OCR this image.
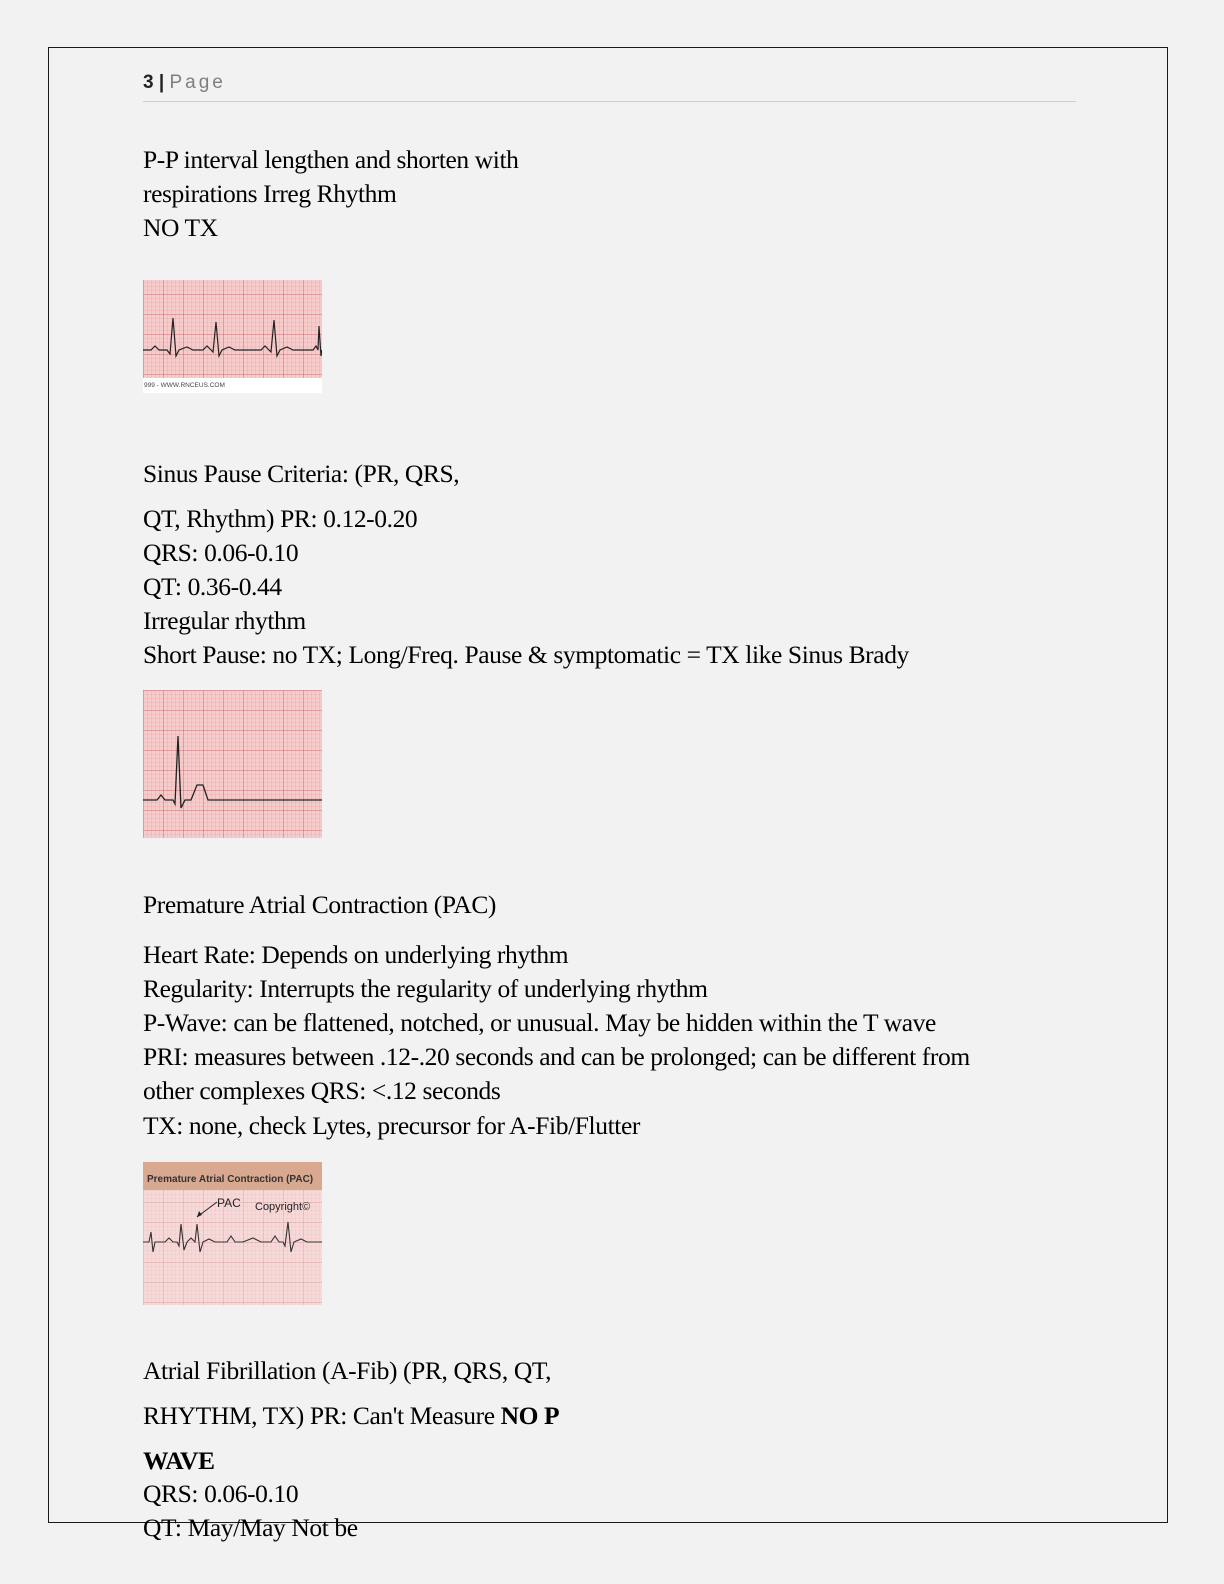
3 | Page
P-P interval lengthen and shorten with
respirations Irreg Rhythm
NO TX
999 - WWW.RNCEUS.COM
Sinus Pause Criteria: (PR, QRS,
QT, Rhythm) PR: 0.12-0.20
QRS: 0.06-0.10
QT: 0.36-0.44
Irregular rhythm
Short Pause: no TX; Long/Freq. Pause & symptomatic = TX like Sinus Brady
Premature Atrial Contraction (PAC)
Heart Rate: Depends on underlying rhythm
Regularity: Interrupts the regularity of underlying rhythm
P-Wave: can be flattened, notched, or unusual. May be hidden within the T wave
PRI: measures between .12-.20 seconds and can be prolonged; can be different from
other complexes QRS: <.12 seconds
TX: none, check Lytes, precursor for A-Fib/Flutter
Premature Atrial Contraction (PAC)
PAC Copyright©
Atrial Fibrillation (A-Fib) (PR, QRS, QT,
RHYTHM, TX) PR: Can't Measure NO P
WAVE
QRS: 0.06-0.10
QT: May/May Not be
